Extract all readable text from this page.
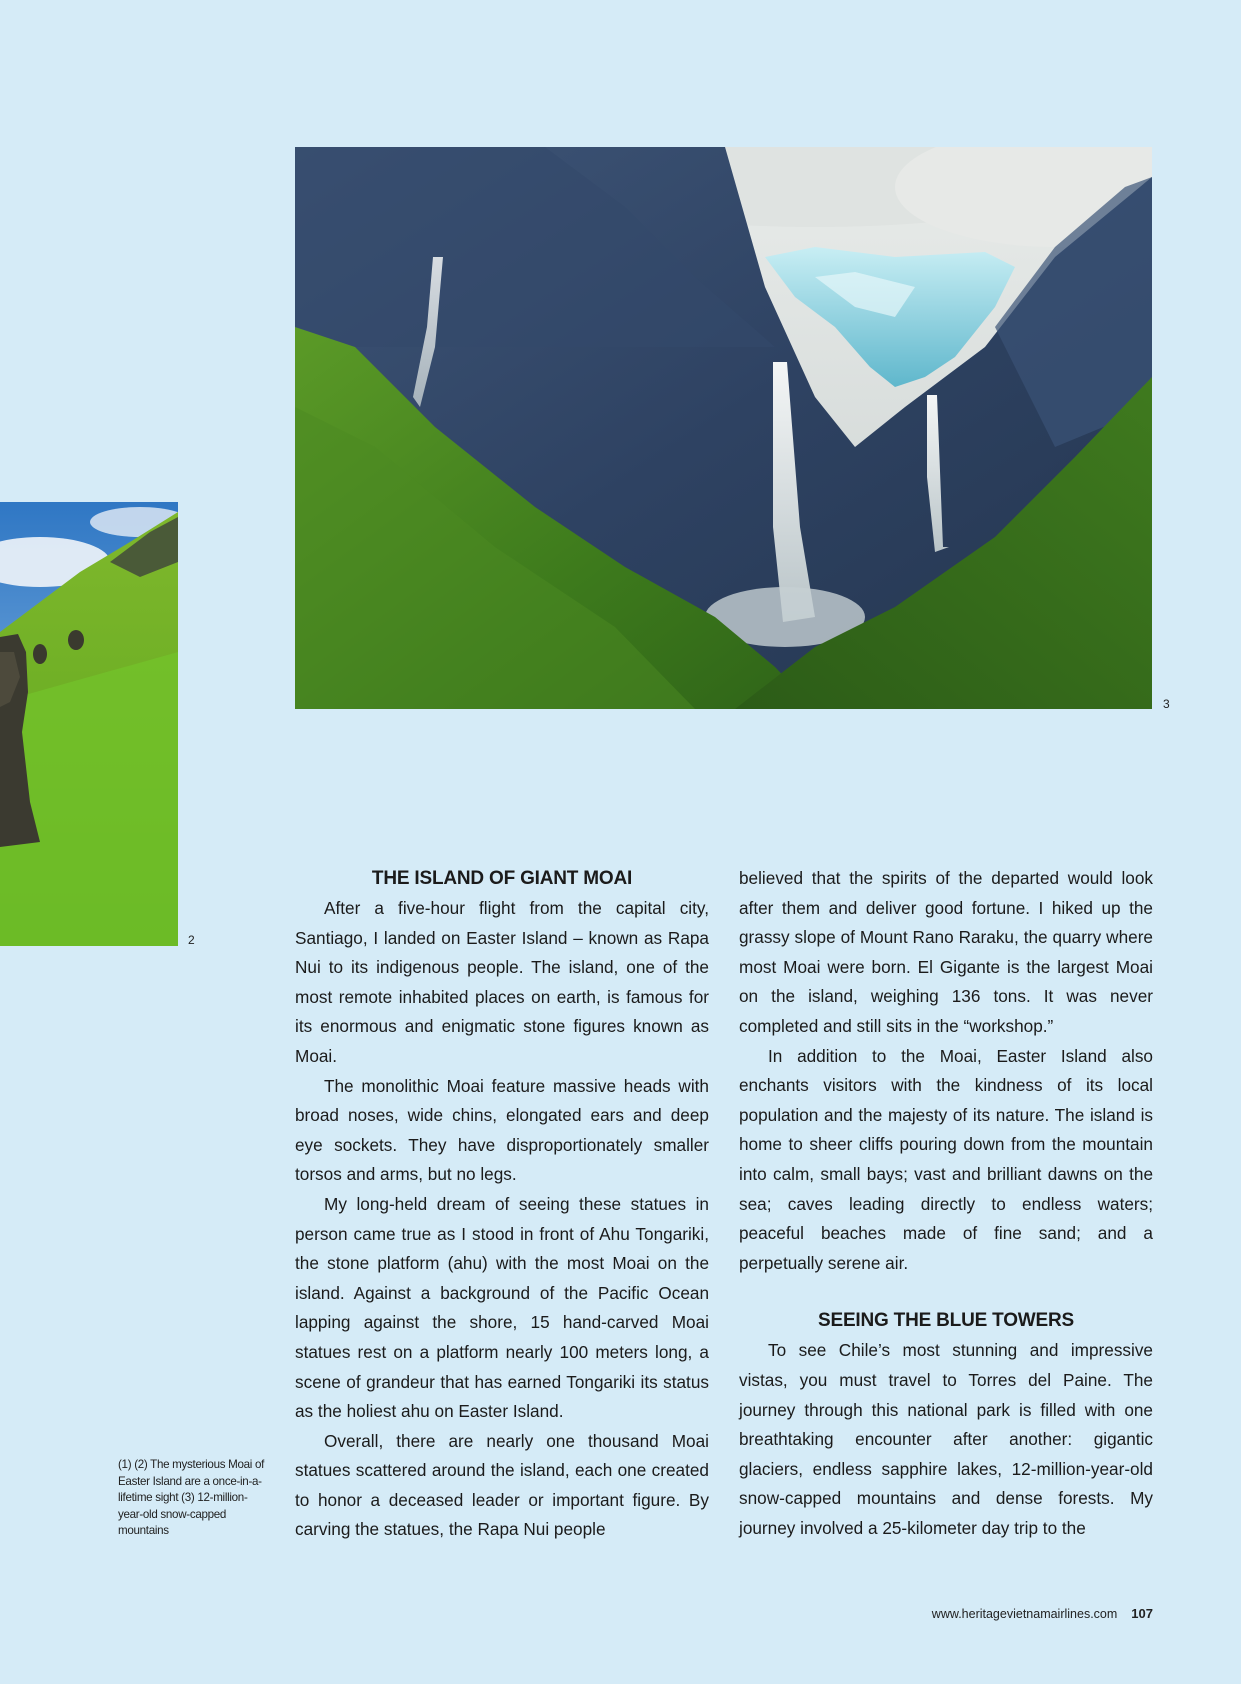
3
2
THE ISLAND OF GIANT MOAI

After a five-hour flight from the capital city, Santiago, I landed on Easter Island – known as Rapa Nui to its indigenous people. The island, one of the most remote inhabited places on earth, is famous for its enormous and enigmatic stone figures known as Moai.

The monolithic Moai feature massive heads with broad noses, wide chins, elongated ears and deep eye sockets. They have disproportionately smaller torsos and arms, but no legs.

My long-held dream of seeing these statues in person came true as I stood in front of Ahu Tongariki, the stone platform (ahu) with the most Moai on the island. Against a background of the Pacific Ocean lapping against the shore, 15 hand-carved Moai statues rest on a platform nearly 100 meters long, a scene of grandeur that has earned Tongariki its status as the holiest ahu on Easter Island.

Overall, there are nearly one thousand Moai statues scattered around the island, each one created to honor a deceased leader or important figure. By carving the statues, the Rapa Nui people

believed that the spirits of the departed would look after them and deliver good fortune. I hiked up the grassy slope of Mount Rano Raraku, the quarry where most Moai were born. El Gigante is the largest Moai on the island, weighing 136 tons. It was never completed and still sits in the “workshop.”

In addition to the Moai, Easter Island also enchants visitors with the kindness of its local population and the majesty of its nature. The island is home to sheer cliffs pouring down from the mountain into calm, small bays; vast and brilliant dawns on the sea; caves leading directly to endless waters; peaceful beaches made of fine sand; and a perpetually serene air.

SEEING THE BLUE TOWERS

To see Chile’s most stunning and impressive vistas, you must travel to Torres del Paine. The journey through this national park is filled with one breathtaking encounter after another: gigantic glaciers, endless sapphire lakes, 12-million-year-old snow-capped mountains and dense forests. My journey involved a 25-kilometer day trip to the

(1) (2) The mysterious Moai of Easter Island are a once-in-a-lifetime sight (3) 12-million-year-old snow-capped mountains
www.heritagevietnamairlines.com 107
